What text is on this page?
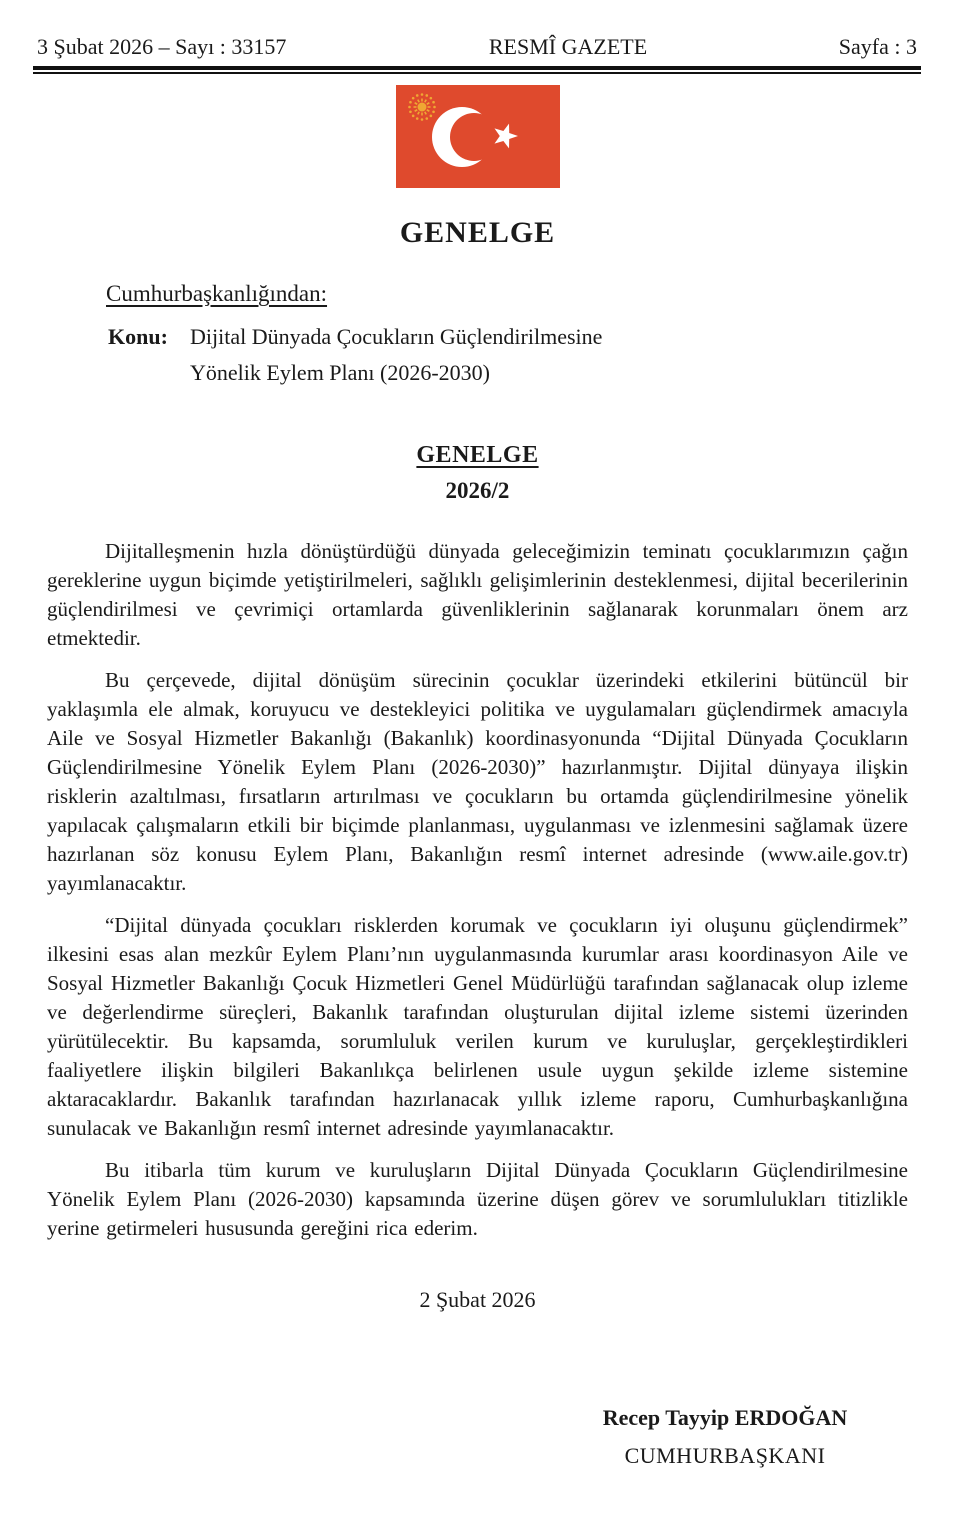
3 Şubat 2026 – Sayı : 33157	RESMÎ GAZETE	Sayfa : 3
GENELGE
Cumhurbaşkanlığından:
Konu:	Dijital Dünyada Çocukların Güçlendirilmesine
Yönelik Eylem Planı (2026-2030)
GENELGE
2026/2

Dijitalleşmenin hızla dönüştürdüğü dünyada geleceğimizin teminatı çocuklarımızın çağın gereklerine uygun biçimde yetiştirilmeleri, sağlıklı gelişimlerinin desteklenmesi, dijital becerilerinin güçlendirilmesi ve çevrimiçi ortamlarda güvenliklerinin sağlanarak korunmaları önem arz etmektedir.

Bu çerçevede, dijital dönüşüm sürecinin çocuklar üzerindeki etkilerini bütüncül bir yaklaşımla ele almak, koruyucu ve destekleyici politika ve uygulamaları güçlendirmek amacıyla Aile ve Sosyal Hizmetler Bakanlığı (Bakanlık) koordinasyonunda “Dijital Dünyada Çocukların Güçlendirilmesine Yönelik Eylem Planı (2026-2030)” hazırlanmıştır. Dijital dünyaya ilişkin risklerin azaltılması, fırsatların artırılması ve çocukların bu ortamda güçlendirilmesine yönelik yapılacak çalışmaların etkili bir biçimde planlanması, uygulanması ve izlenmesini sağlamak üzere hazırlanan söz konusu Eylem Planı, Bakanlığın resmî internet adresinde (www.aile.gov.tr) yayımlanacaktır.

“Dijital dünyada çocukları risklerden korumak ve çocukların iyi oluşunu güçlendirmek” ilkesini esas alan mezkûr Eylem Planı’nın uygulanmasında kurumlar arası koordinasyon Aile ve Sosyal Hizmetler Bakanlığı Çocuk Hizmetleri Genel Müdürlüğü tarafından sağlanacak olup izleme ve değerlendirme süreçleri, Bakanlık tarafından oluşturulan dijital izleme sistemi üzerinden yürütülecektir. Bu kapsamda, sorumluluk verilen kurum ve kuruluşlar, gerçekleştirdikleri faaliyetlere ilişkin bilgileri Bakanlıkça belirlenen usule uygun şekilde izleme sistemine aktaracaklardır. Bakanlık tarafından hazırlanacak yıllık izleme raporu, Cumhurbaşkanlığına sunulacak ve Bakanlığın resmî internet adresinde yayımlanacaktır.

Bu itibarla tüm kurum ve kuruluşların Dijital Dünyada Çocukların Güçlendirilmesine Yönelik Eylem Planı (2026-2030) kapsamında üzerine düşen görev ve sorumlulukları titizlikle yerine getirmeleri hususunda gereğini rica ederim.

2 Şubat 2026
Recep Tayyip ERDOĞAN
CUMHURBAŞKANI
